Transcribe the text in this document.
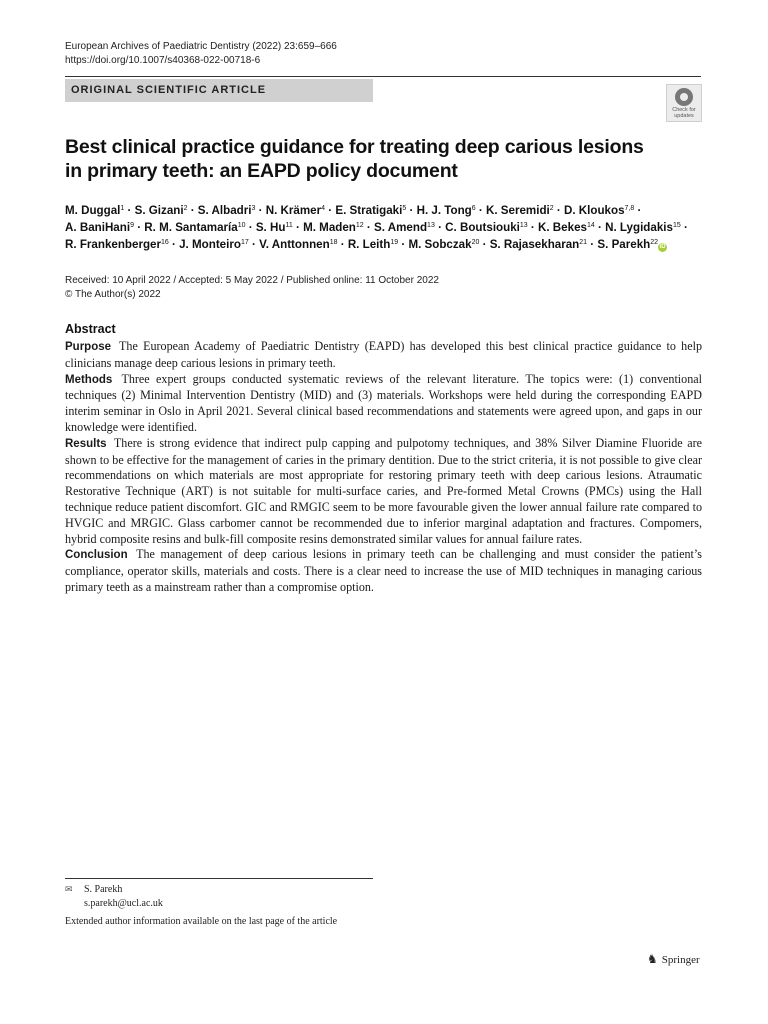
European Archives of Paediatric Dentistry (2022) 23:659–666
https://doi.org/10.1007/s40368-022-00718-6
ORIGINAL SCIENTIFIC ARTICLE
Check for
updates
Best clinical practice guidance for treating deep carious lesions
in primary teeth: an EAPD policy document
M. Duggal$^1$ · S. Gizani$^2$ · S. Albadri$^3$ · N. Krämer$^4$ · E. Stratigaki$^5$ · H. J. Tong$^6$ · K. Seremidi$^2$ · D. Kloukos$^{7,8}$ ·
A. BaniHani$^9$ · R. M. Santamaría$^{10}$ · S. $Hu^{11} \cdot M$. Maden$^{12}$ · S. Amend$^{13}$ · C. Boutsiouki$^{13}$ · K. Bekes$^{14}$ · N. Lygidakis$^{15}$ ·
R. Frankenberger$^{16}$ · J. Monteiro$^{17}$ · V. Anttonnen$^{18}$ · R. Leith$^{19}$ · M. Sobczak$^{20}$ · S. Rajasekharan$^{21}$ · S. Parekh$^{22}$iD
Received: 10 April 2022 / Accepted: 5 May 2022 / Published online: 11 October 2022
© The Author(s) 2022
Abstract

Purpose The European Academy of Paediatric Dentistry (EAPD) has developed this best clinical practice guidance to help clinicians manage deep carious lesions in primary teeth.

Methods Three expert groups conducted systematic reviews of the relevant literature. The topics were: (1) conventional techniques (2) Minimal Intervention Dentistry (MID) and (3) materials. Workshops were held during the corresponding EAPD interim seminar in Oslo in April 2021. Several clinical based recommendations and statements were agreed upon, and gaps in our knowledge were identified.

Results There is strong evidence that indirect pulp capping and pulpotomy techniques, and 38% Silver Diamine Fluoride are shown to be effective for the management of caries in the primary dentition. Due to the strict criteria, it is not possible to give clear recommendations on which materials are most appropriate for restoring primary teeth with deep carious lesions. Atraumatic Restorative Technique (ART) is not suitable for multi-surface caries, and Pre-formed Metal Crowns (PMCs) using the Hall technique reduce patient discomfort. GIC and RMGIC seem to be more favourable given the lower annual failure rate compared to HVGIC and MRGIC. Glass carbomer cannot be recommended due to inferior marginal adaptation and fractures. Compomers, hybrid composite resins and bulk-fill composite resins demonstrated similar values for annual failure rates.

Conclusion The management of deep carious lesions in primary teeth can be challenging and must consider the patient’s compliance, operator skills, materials and costs. There is a clear need to increase the use of MID techniques in managing carious primary teeth as a mainstream rather than a compromise option.

✉ S. Parekh
s.parekh@ucl.ac.uk
Extended author information available on the last page of the article
♞ Springer
